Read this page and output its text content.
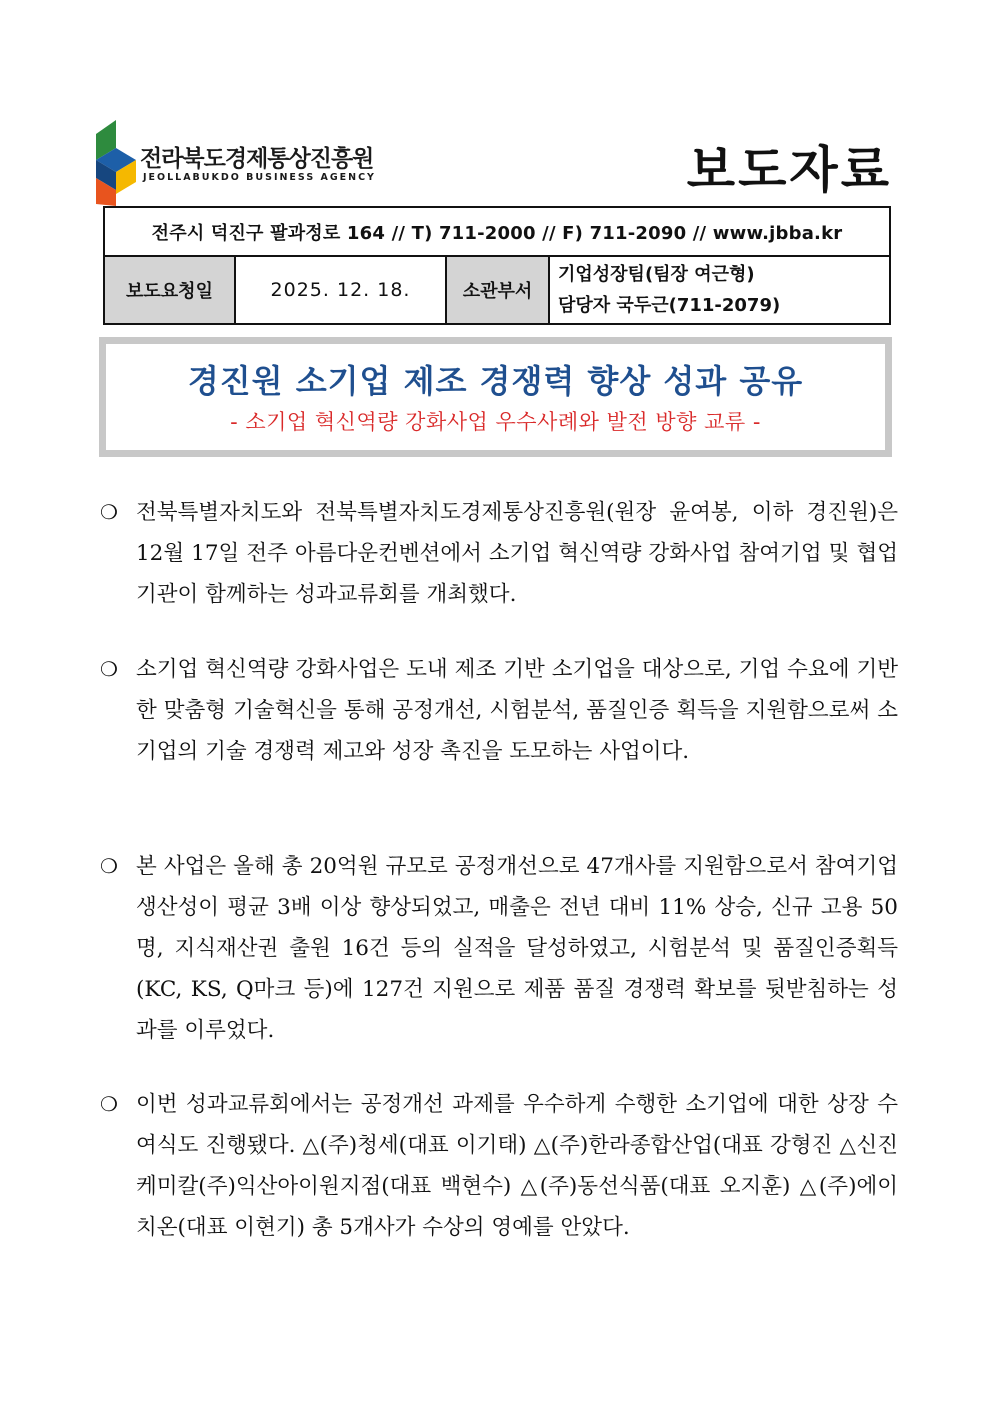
전라북도경제통상진흥원
JEOLLABUKDO BUSINESS AGENCY	보도자료
전주시 덕진구 팔과정로 164 // T) 711-2000 // F) 711-2090 // www.jbba.kr
보도요청일	2025. 12. 18.	소관부서	
기업성장팀(팀장 여근형)
담당자 국두근(711-2079)
경진원 소기업 제조 경쟁력 향상 성과 공유
- 소기업 혁신역량 강화사업 우수사례와 발전 방향 교류 -
❍ 전북특별자치도와 전북특별자치도경제통상진흥원(원장 윤여봉, 이하 경진원)은 12월 17일 전주 아름다운컨벤션에서 소기업 혁신역량 강화사업 참여기업 및 협업기관이 함께하는 성과교류회를 개최했다.
❍ 소기업 혁신역량 강화사업은 도내 제조 기반 소기업을 대상으로, 기업 수요에 기반한 맞춤형 기술혁신을 통해 공정개선, 시험분석, 품질인증 획득을 지원함으로써 소기업의 기술 경쟁력 제고와 성장 촉진을 도모하는 사업이다.
❍ 본 사업은 올해 총 20억원 규모로 공정개선으로 47개사를 지원함으로서 참여기업 생산성이 평균 3배 이상 향상되었고, 매출은 전년 대비 11% 상승, 신규 고용 50명, 지식재산권 출원 16건 등의 실적을 달성하였고, 시험분석 및 품질인증획득(KC, KS, Q마크 등)에 127건 지원으로 제품 품질 경쟁력 확보를 뒷받침하는 성과를 이루었다.
❍ 이번 성과교류회에서는 공정개선 과제를 우수하게 수행한 소기업에 대한 상장 수여식도 진행됐다. △(주)청세(대표 이기태) △(주)한라종합산업(대표 강형진 △신진케미칼(주)익산아이원지점(대표 백현수) △(주)동선식품(대표 오지훈) △(주)에이치온(대표 이현기) 총 5개사가 수상의 영예를 안았다.
